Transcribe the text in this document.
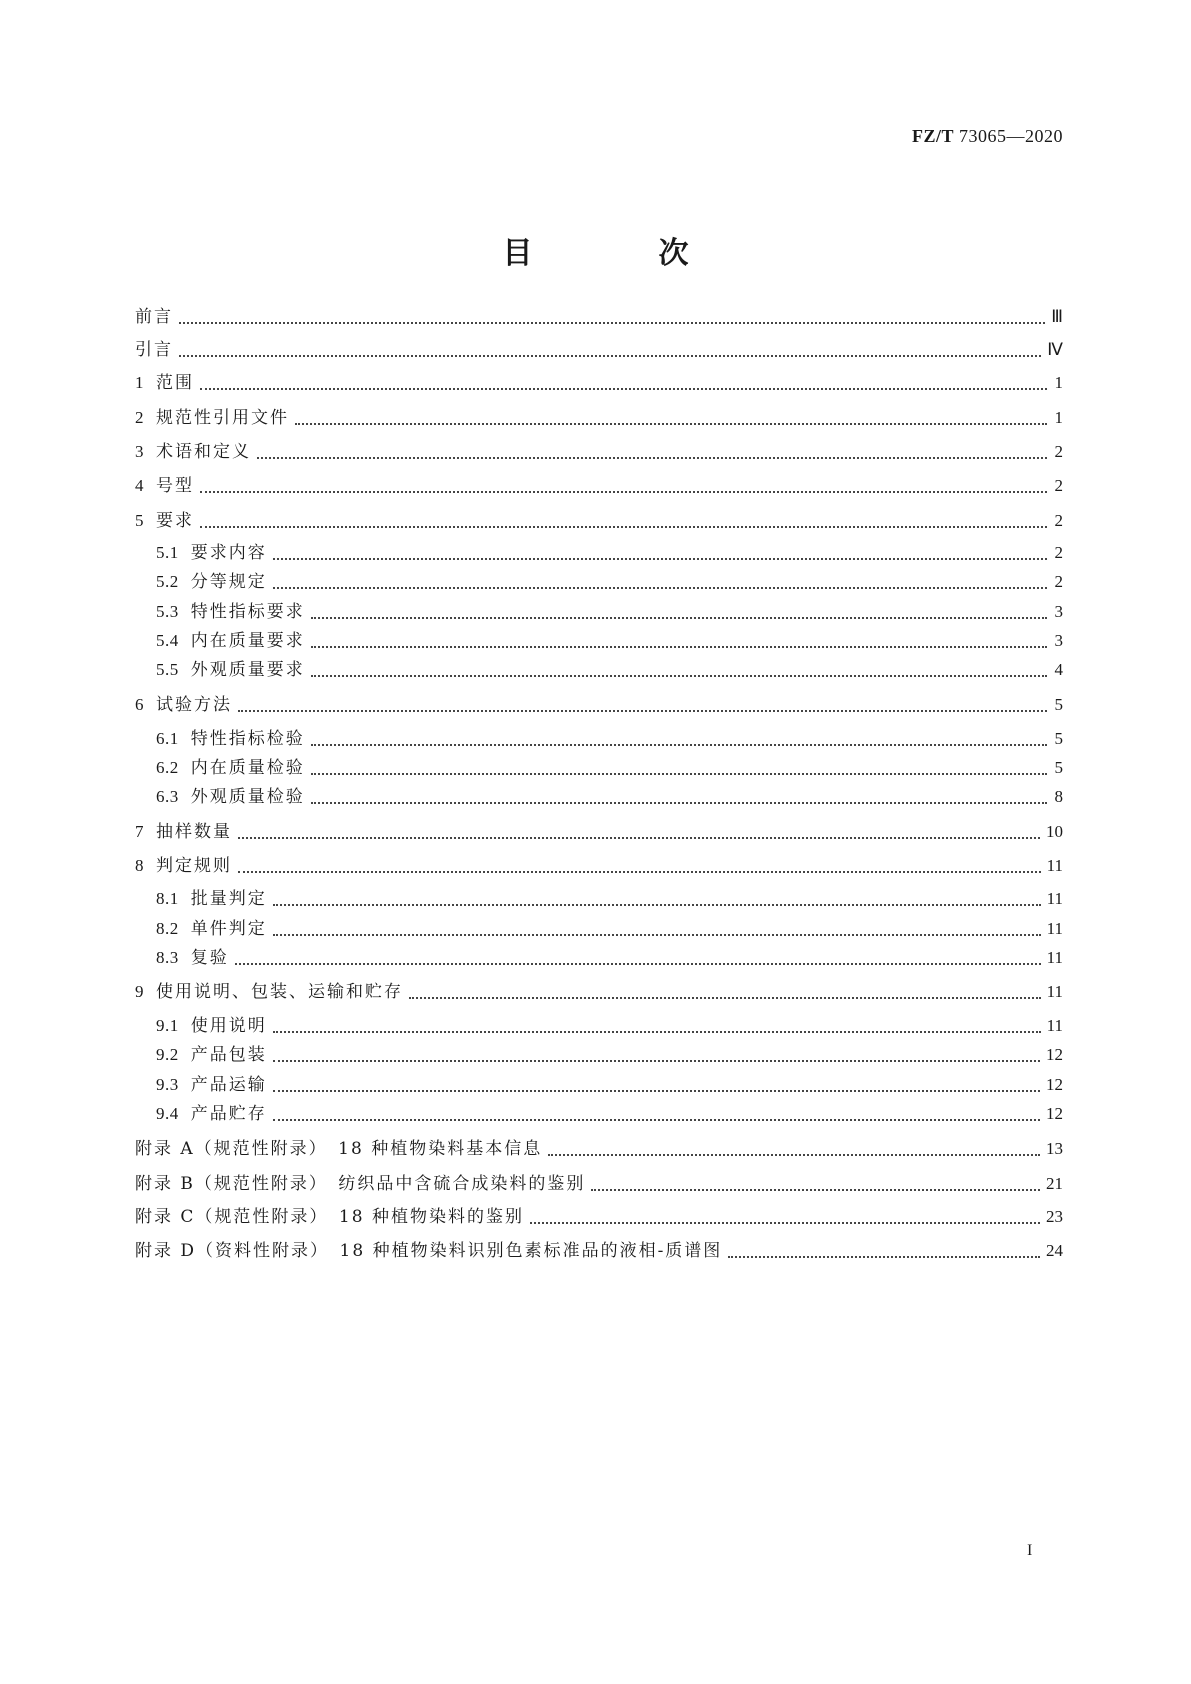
FZ/T 73065—2020
目　次
前言	Ⅲ
引言	Ⅳ
1 范围	1
2 规范性引用文件	1
3 术语和定义	2
4 号型	2
5 要求	2
5.1 要求内容	2
5.2 分等规定	2
5.3 特性指标要求	3
5.4 内在质量要求	3
5.5 外观质量要求	4
6 试验方法	5
6.1 特性指标检验	5
6.2 内在质量检验	5
6.3 外观质量检验	8
7 抽样数量	10
8 判定规则	11
8.1 批量判定	11
8.2 单件判定	11
8.3 复验	11
9 使用说明、包装、运输和贮存	11
9.1 使用说明	11
9.2 产品包装	12
9.3 产品运输	12
9.4 产品贮存	12
附录 A（规范性附录）　18 种植物染料基本信息	13
附录 B（规范性附录）　纺织品中含硫合成染料的鉴别	21
附录 C（规范性附录）　18 种植物染料的鉴别	23
附录 D（资料性附录）　18 种植物染料识别色素标准品的液相-质谱图	24
I
